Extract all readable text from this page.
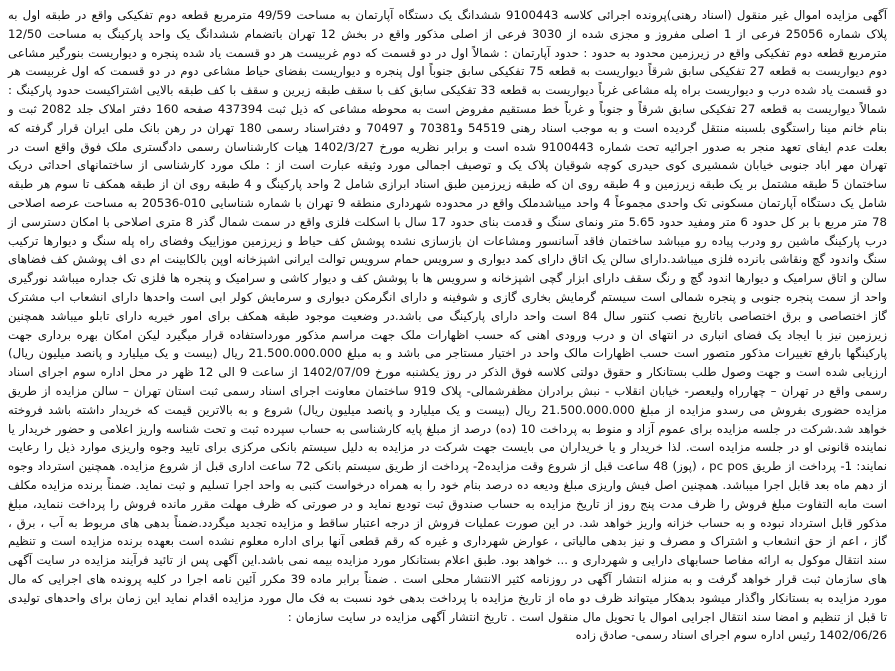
آگهی مزایده اموال غیر منقول (اسناد رهنی)پرونده اجرائی کلاسه 9100443 ششدانگ یک دستگاه آپارتمان به مساحت 49/59 مترمربع قطعه دوم تفکیکی واقع در طبقه اول به پلاک شماره 25056 فرعی از 1 اصلی مفروز و مجزی شده از 3030 فرعی از اصلی مذکور واقع در بخش 12 تهران باتضمام ششدانگ یک واحد پارکینگ به مساحت 12/50 مترمربع قطعه دوم تفکیکی واقع در زیرزمین محدود به حدود : حدود آپارتمان : شمالاً اول در دو قسمت که دوم غربیست هر دو قسمت یاد شده پنجره و دیواریست بنورگیر مشاعی دوم دیواریست به قطعه 27 تفکیکی سابق شرقاً دیواریست به قطعه 75 تفکیکی سابق جنوباً اول پنجره و دیواریست بفضای حیاط مشاعی دوم در دو قسمت که اول غربیست هر دو قسمت یاد شده درب و دیواریست براه پله مشاعی غرباً دیواریست به قطعه 33 تفکیکی سابق کف با سقف طبقه زیرین و سقف با کف طبقه بالایی اشتراکیست حدود پارکینگ : شمالاً دیواریست به قطعه 27 تفکیکی سابق شرقاً و جنوباً و غرباً خط مستقیم مفروض است به محوطه مشاعی که ذیل ثبت 437394 صفحه 160 دفتر املاک جلد 2082 ثبت و بنام خانم مینا راستگوی بلسبنه منتقل گردیده است و به موجب اسناد رهنی 54519 و70381 و 70497 و دفتراسناد رسمی 180 تهران در رهن بانک ملی ایران قرار گرفته که بعلت عدم ایفای تعهد منجر به صدور اجرائیه تحت شماره 9100443 شده است و برابر نظریه مورخ 1402/3/27 هیات کارشناسان رسمی دادگستری ملک فوق واقع است در تهران مهر اباد جنوبی خیابان شمشیری کوی حیدری کوچه شوقیان پلاک یک و توصیف اجمالی مورد وثیقه عبارت است از : ملک مورد کارشناسی از ساختمانهای احداثی دریک ساختمان 5 طبقه مشتمل بر یک طبقه زیرزمین و 4 طبقه روی ان که طبقه زیرزمین طبق اسناد ابرازی شامل 2 واحد پارکینگ و 4 طبقه روی ان از طبقه همکف تا سوم هر طبقه شامل یک دستگاه آپارتمان مسکونی تک واحدی مجموعاً 4 واحد میباشدملک واقع در محدوده شهرداری منطقه 9 تهران با شماره شناسایی 010-20536 به مساحت عرصه اصلاحی 78 متر مربع با بر کل حدود 6 متر ومفید حدود 5.65 متر ونمای سنگ و قدمت بنای حدود 17 سال با اسکلت فلزی واقع در سمت شمال گذر 8 متری اصلاحی با امکان دسترسی از درب پارکینگ ماشین رو ودرب پیاده رو میباشد ساختمان فاقد آسانسور ومشاعات ان بازسازی نشده پوشش کف حیاط و زیرزمین موزاییک وفضای راه پله سنگ و دیوارها ترکیب سنگ واندود گچ ونقاشی بانرده فلزی میباشد.دارای سالن یک اتاق دارای کمد دیواری و سرویس حمام سرویس توالت ایرانی اشپزخانه اوپن بالکابینت ام دی اف پوشش کف فضاهای سالن و اتاق سرامیک و دیوارها اندود گچ و رنگ سقف دارای ابزار گچی اشپزخانه و سرویس ها با پوشش کف و دیوار کاشی و سرامیک و پنجره ها فلزی تک جداره میباشد نورگیری واحد از سمت پنجره جنوبی و پنجره شمالی است سیستم گرمایش بخاری گازی و شوفینه و دارای انگرمکن دیواری و سرمایش کولر ابی است واحدها دارای انشعاب اب مشترک گاز اختصاصی و برق اختصاصی باتاریخ نصب کنتور سال 84 است واحد دارای پارکینگ می باشد.در وضعیت موجود طبقه همکف برای امور خیریه دارای تابلو میباشد همچنین زیرزمین نیز با ایجاد یک فضای انباری در انتهای ان و درب ورودی اهنی که حسب اظهارات ملک جهت مراسم مذکور مورداستفاده قرار میگیرد لیکن امکان بهره برداری جهت پارکینگها بارفع تغییرات مذکور متصور است حسب اظهارات مالک واحد در اختیار مستاجر می باشد و به مبلغ 21.500.000.000 ریال (بیست و یک میلیارد و پانصد میلیون ریال) ارزیابی شده است و جهت وصول طلب بستانکار و حقوق دولتی کلاسه فوق الذکر در روز یکشنبه مورخ 1402/07/09 از ساعت 9 الی 12 ظهر در محل اداره سوم اجرای اسناد رسمی واقع در تهران – چهارراه ولیعصر- خیابان انقلاب - نبش برادران مظفرشمالی- پلاک 919 ساختمان معاونت اجرای اسناد رسمی ثبت استان تهران – سالن مزایده از طریق مزایده حضوری بفروش می رسدو مزایده از مبلغ 21.500.000.000 ریال (بیست و یک میلیارد و پانصد میلیون ریال) شروع و به بالاترین قیمت که خریدار داشته باشد فروخته خواهد شد.شرکت در جلسه مزایده برای عموم آزاد و منوط به پرداخت 10 (ده) درصد از مبلغ پایه کارشناسی به حساب سپرده ثبت و تحت شناسه واریز اعلامی و حضور خریدار یا نماینده قانونی او در جلسه مزایده است. لذا خریدار و یا خریداران می بایست جهت شرکت در مزایده به دلیل سیستم بانکی مرکزی برای تایید وجوه واریزی موارد ذیل را رعایت نمایند: 1- پرداخت از طریق pc pos ، (پوز) 48 ساعت قبل از شروع وقت مزایده2- پرداخت از طریق سیستم بانکی 72 ساعت اداری قبل از شروع مزایده. همچنین استرداد وجوه از دهم ماه بعد قابل اجرا میباشد. همچنین اصل فیش واریزی مبلغ ودیعه ده درصد بنام خود را به همراه درخواست کتبی به واحد اجرا تسلیم و ثبت نماید. ضمناً برنده مزایده مکلف است مابه التفاوت مبلغ فروش را ظرف مدت پنج روز از تاریخ مزایده به حساب صندوق ثبت تودیع نماید و در صورتی که ظرف مهلت مقرر مانده فروش را پرداخت ننماید، مبلغ مذکور قابل استرداد نبوده و به حساب خزانه واریز خواهد شد. در این صورت عملیات فروش از درجه اعتبار ساقط و مزایده تجدید میگردد.ضمناً بدهی های مربوط به آب ، برق ، گاز ، اعم از حق انشعاب و اشتراک و مصرف و نیز بدهی مالیاتی ، عوارض شهرداری و غیره که رقم قطعی آنها برای اداره معلوم نشده است بعهده برنده مزایده است و تنظیم سند انتقال موکول به ارائه مفاصا حسابهای دارایی و شهرداری و ... خواهد بود. طبق اعلام بستانکار مورد مزایده بیمه نمی باشد.این آگهی پس از تائید فرآیند مزایده در سایت آگهی های سازمان ثبت قرار خواهد گرفت و به منزله انتشار آگهی در روزنامه کثیر الانتشار محلی است . ضمناً برابر ماده 39 مکرر آئین نامه اجرا در کلیه پرونده های اجرایی که مال مورد مزایده به بستانکار واگذار میشود بدهکار میتواند ظرف دو ماه از تاریخ مزایده با پرداخت بدهی خود نسبت به فک مال مورد مزایده اقدام نماید این زمان برای واحدهای تولیدی تا قبل از تنظیم و امضا سند انتقال اجرایی اموال یا تحویل مال منقول است . تاریخ انتشار آگهی مزایده در سایت سازمان :

1402/06/26 رئیس اداره سوم اجرای اسناد رسمی- صادق زاده
